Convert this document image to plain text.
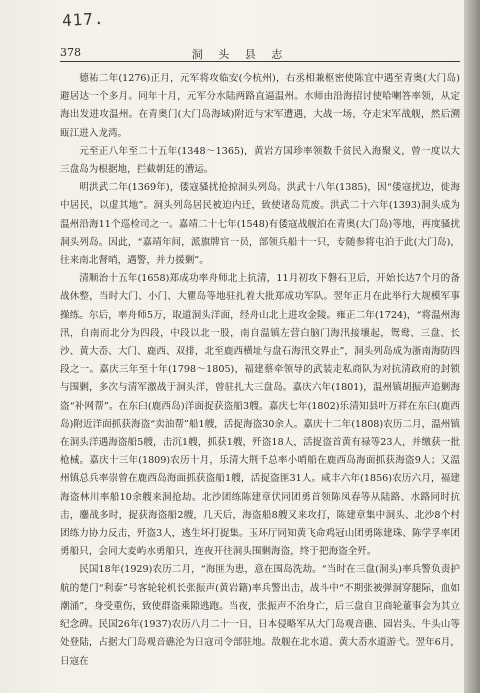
417.
378	洞 头 县 志

德祐二年(1276)正月，元军将攻临安(今杭州)，右丞相兼枢密使陈宜中遇至青奥(大门岛)避居达一个多月。同年十月，元军分水陆两路直逼温州。水师由沿海招讨使哈喇答率领，从定海出发进攻温州。在青奥门(大门岛海域)附近与宋军遭遇，大战一场，夺走宋军战舰，然后溯瓯江进入龙湾。

元至正八年至二十五年(1348～1365)，黄岩方国珍率领数千贫民入海聚义，曾一度以大三盘岛为根据地，拦截朝廷的漕运。

明洪武二年(1369年)，倭寇骚扰抢掠洞头列岛。洪武十八年(1385)，因“倭寇扰边，徙海中居民，以虚其地”。洞头列岛居民被迫内迁，致使诸岛荒废。洪武二十六年(1393)洞头成为温州沿海11个巡检司之一。嘉靖二十七年(1548)有倭寇战舰泊在青奥(大门岛)等地，再度骚扰洞头列岛。因此，“嘉靖年间，派旗牌官一员，部领兵船十一只，专随参将屯泊于此(大门岛)，往来南北督哨，遇警，并力援剿”。

清顺治十五年(1658)郑成功率舟师北上抗清，11月初攻下磐石卫后，开始长达7个月的备战休整，当时大门、小门、大瞿岛等地驻扎着大批郑成功军队。翌年正月在此举行大规模军事操练。尔后，率舟师5万，取道洞头洋面，经舟山北上进攻金陵。雍正二年(1724)，“将温州海汛，自南而北分为四段，中段以北一股，南自温镇左营白脑门海汛接壤起，鸳鸯、三盘、长沙、黄大岙、大门、鹿西、双排，北至鹿西横址与盘石海汛交界止”，洞头列岛成为浙南海防四段之一。嘉庆三年至十年(1798～1805)，福建蔡牵领导的武装走私商队为对抗清政府的封锁与围剿，多次与清军激战于洞头洋，曾驻扎大三盘岛。嘉庆六年(1801)，温州镇胡振声追剿海盗“补网帮”。在东臼(鹿西岛)洋面捉获盗船3艘。嘉庆七年(1802)乐清知县叶万祥在东臼(鹿西岛)附近洋面抓获海盗“卖油帮”船1艘，活捉海盗30余人。嘉庆十二年(1808)农历二月，温州镇在洞头洋遇海盗船5艘，击沉1艘，抓获1艘，歼盗18人，活捉盗首黄有禄等23人，并缴获一批枪械。嘉庆十三年(1809)农历十月，乐清大荆千总率小哨船在鹿西岛海面抓获海盗9人；又温州镇总兵率崇曾在鹿西岛海面抓获盗船1艘，活捉盗匪31人。咸丰六年(1856)农历六月，福建海盗林川率船10余艘来洞抢劫。北沙团练陈建章伏同团勇首领陈凤春等从陆路、水路同时抗击，鏖战多时，捉获海盗船2艘，几天后，海盗船8艘又来攻打，陈建章集中洞头、北沙8个村团练力协力反击，歼盗3人，逃生坏打捉集。玉环厅同知黄飞命鸡冠山团勇陈建珠、陈学孚率团勇船只，会同大麦屿水勇船只，连夜开往洞头围剿海盗，终于把海盗全歼。

民国18年(1929)农历二月，“海匪为患，意在围岛洗劫。“当时在三盘(洞头)率兵警负责护航的楚门“利泰”号客轮轮机长张振声(黄岩籍)率兵警出击，战斗中“不期张被弹洞穿腿际，血如潮涌”，身受重伤，致使群盗乘隙逃跑。当夜，张振声不治身亡，后三盘自卫商轮董事会为其立纪念碑。民国26年(1937)农历八月二十一日，日本侵略军从大门岛观音礁、园岩头、牛头山等处登陆，占据大门岛观音礁沦为日寇司令部驻地。敌舰在北水道、黄大岙水道游弋。翌年6月，日寇在
